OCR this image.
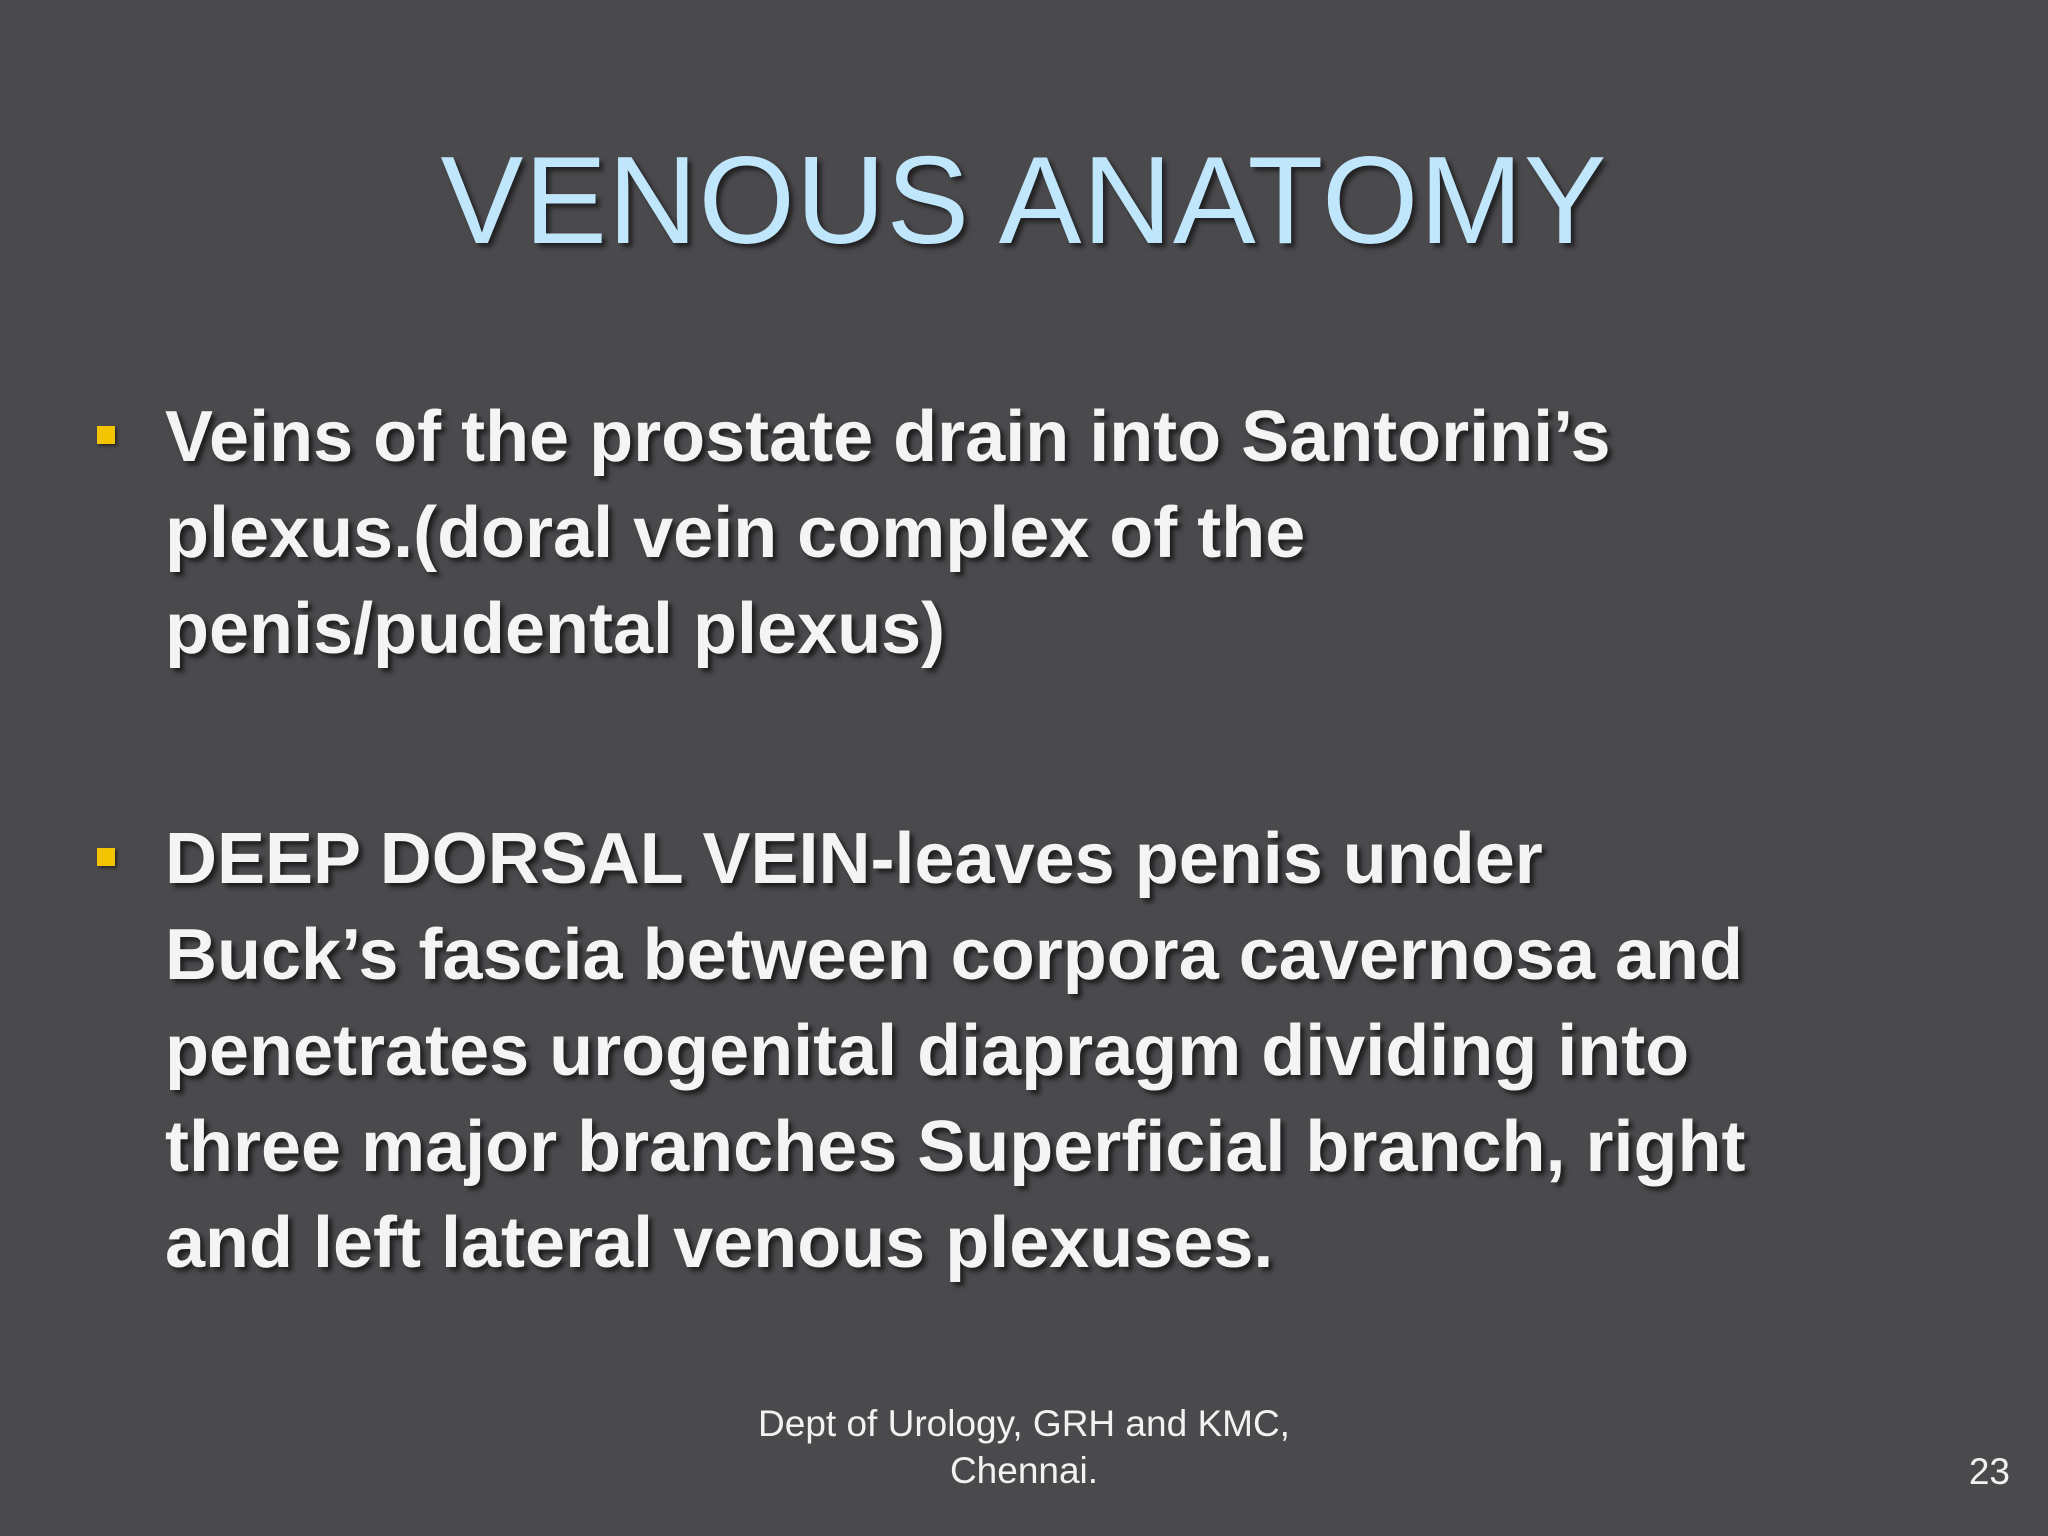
VENOUS ANATOMY
Veins of the prostate drain into Santorini’s
plexus.(doral vein complex of the
penis/pudental plexus)
DEEP DORSAL VEIN-leaves penis under
Buck’s fascia between corpora cavernosa and
penetrates urogenital diapragm dividing into
three major branches Superficial branch, right
and left lateral venous plexuses.
Dept of Urology, GRH and KMC,
Chennai.	23
